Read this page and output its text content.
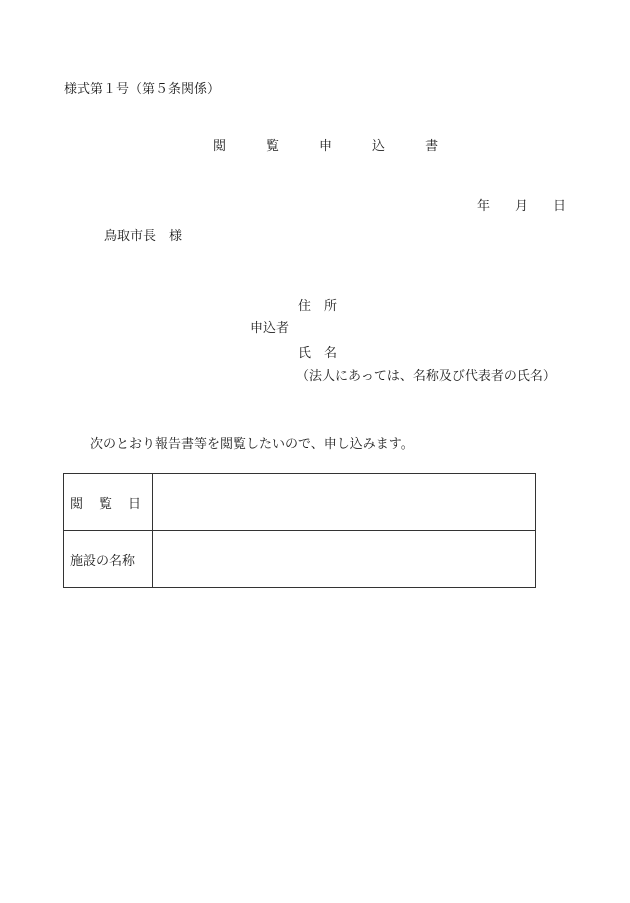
様式第１号（第５条関係）
閲	覧	申	込	書
年 月 日
鳥取市長　様
住　所
申込者
氏　名
（法人にあっては、名称及び代表者の氏名）
次のとおり報告書等を閲覧したいので、申し込みます。
閲 覧 日	
施設の名称	
